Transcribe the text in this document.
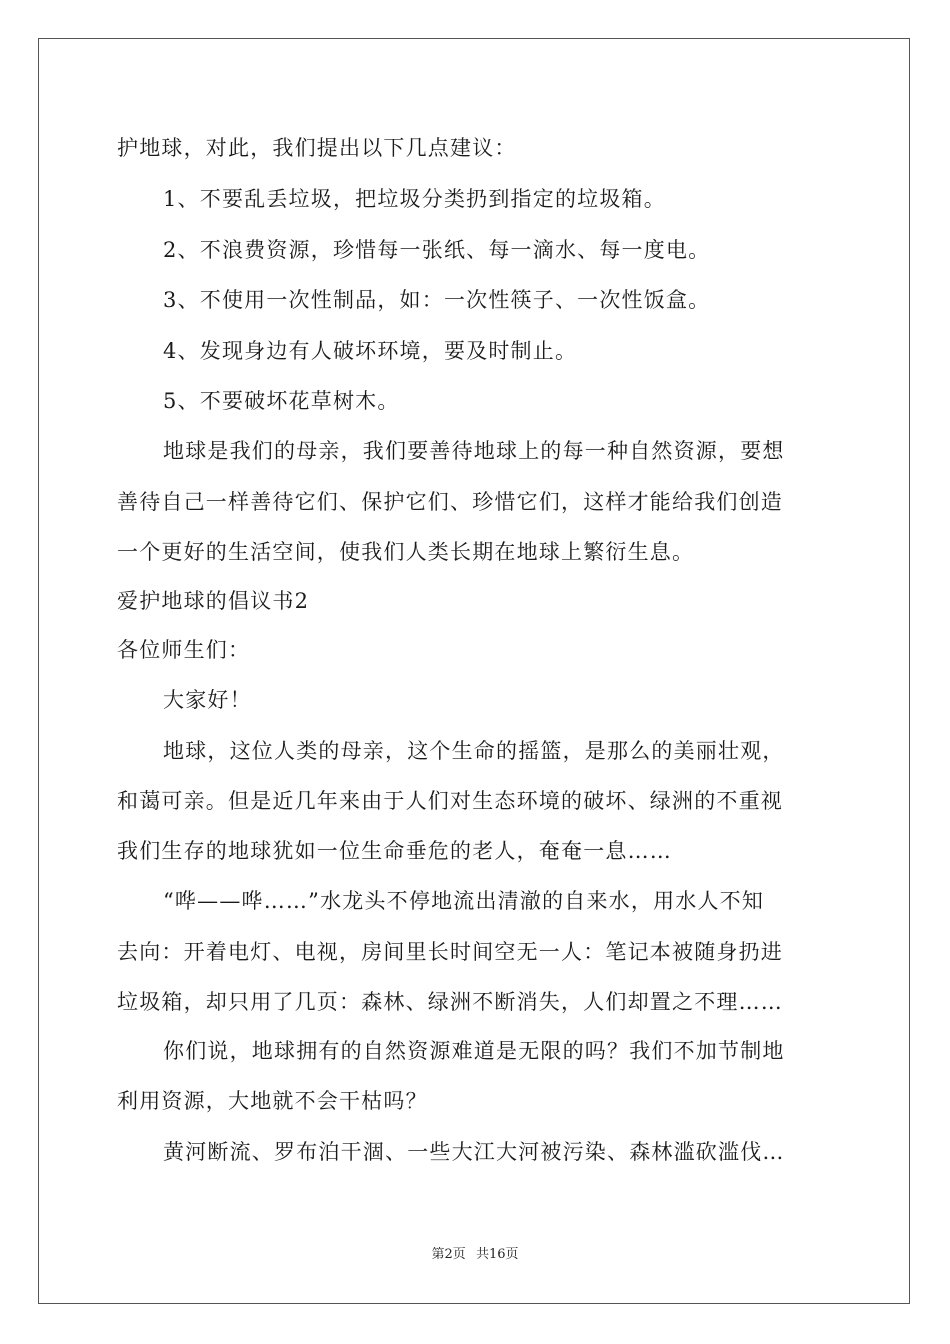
护地球，对此，我们提出以下几点建议：
1、不要乱丢垃圾，把垃圾分类扔到指定的垃圾箱。
2、不浪费资源，珍惜每一张纸、每一滴水、每一度电。
3、不使用一次性制品，如：一次性筷子、一次性饭盒。
4、发现身边有人破坏环境，要及时制止。
5、不要破坏花草树木。
地球是我们的母亲，我们要善待地球上的每一种自然资源，要想
善待自己一样善待它们、保护它们、珍惜它们，这样才能给我们创造
一个更好的生活空间，使我们人类长期在地球上繁衍生息。
爱护地球的倡议书2
各位师生们：
大家好！
地球，这位人类的母亲，这个生命的摇篮，是那么的美丽壮观，
和蔼可亲。但是近几年来由于人们对生态环境的破坏、绿洲的不重视
我们生存的地球犹如一位生命垂危的老人，奄奄一息……
“哗——哗……”水龙头不停地流出清澈的自来水，用水人不知
去向：开着电灯、电视，房间里长时间空无一人：笔记本被随身扔进
垃圾箱，却只用了几页：森林、绿洲不断消失，人们却置之不理……
你们说，地球拥有的自然资源难道是无限的吗？我们不加节制地
利用资源，大地就不会干枯吗？
黄河断流、罗布泊干涸、一些大江大河被污染、森林滥砍滥伐…
第2页 共16页
